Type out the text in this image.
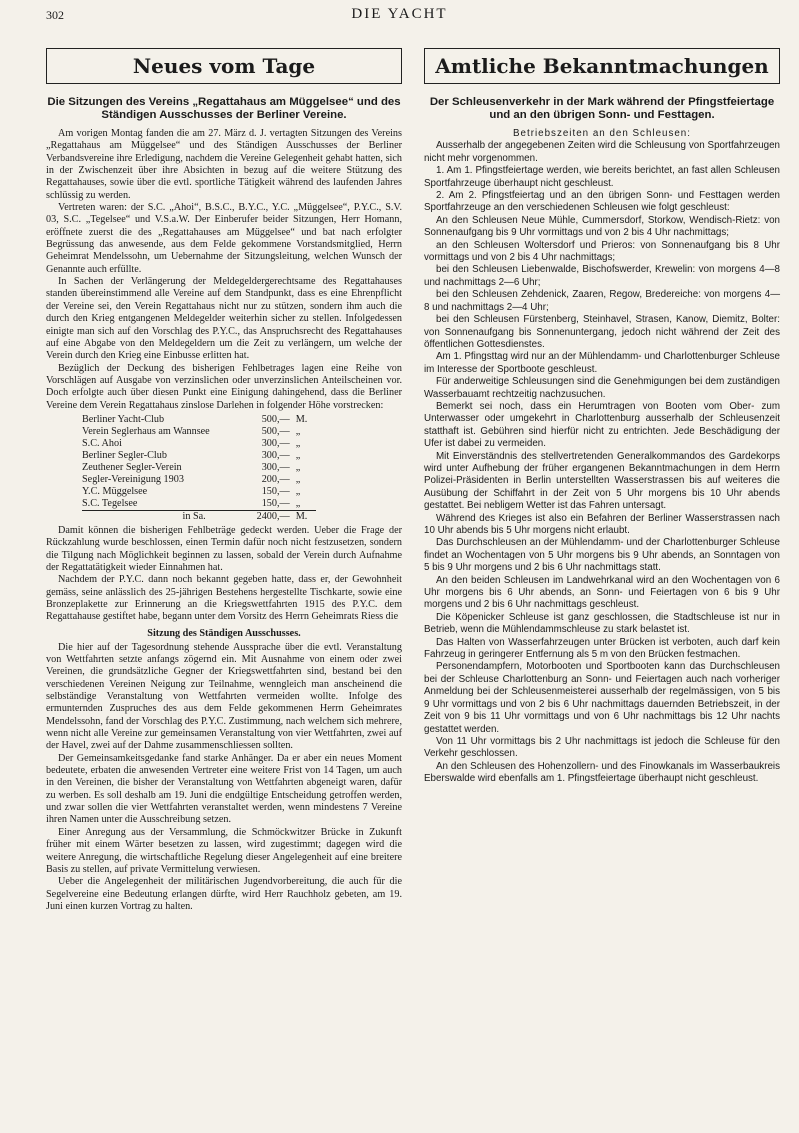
302	DIE YACHT
Neues vom Tage
Die Sitzungen des Vereins „Regattahaus am Müggelsee“ und des Ständigen Ausschusses der Berliner Vereine.

Am vorigen Montag fanden die am 27. März d. J. vertagten Sitzungen des Vereins „Regattahaus am Müggelsee“ und des Ständigen Ausschusses der Berliner Verbandsvereine ihre Erledigung, nachdem die Vereine Gelegenheit gehabt hatten, sich in der Zwischenzeit über ihre Absichten in bezug auf die weitere Stützung des Regattahauses, sowie über die evtl. sportliche Tätigkeit während des laufenden Jahres schlüssig zu werden.

Vertreten waren: der S.C. „Ahoi“, B.S.C., B.Y.C., Y.C. „Müggelsee“, P.Y.C., S.V. 03, S.C. „Tegelsee“ und V.S.a.W. Der Einberufer beider Sitzungen, Herr Homann, eröffnete zuerst die des „Regattahauses am Müggelsee“ und bat nach erfolgter Begrüssung das anwesende, aus dem Felde gekommene Vorstandsmitglied, Herrn Geheimrat Mendelssohn, um Uebernahme der Sitzungsleitung, welchen Wunsch der Genannte auch erfüllte.

In Sachen der Verlängerung der Meldegeldergerechtsame des Regattahauses standen übereinstimmend alle Vereine auf dem Standpunkt, dass es eine Ehrenpflicht der Vereine sei, den Verein Regattahaus nicht nur zu stützen, sondern ihm auch die durch den Krieg entgangenen Meldegelder weiterhin sicher zu stellen. Infolgedessen einigte man sich auf den Vorschlag des P.Y.C., das Anspruchsrecht des Regattahauses auf eine Abgabe von den Meldegeldern um die Zeit zu verlängern, um welche der Verein durch den Krieg eine Einbusse erlitten hat.

Bezüglich der Deckung des bisherigen Fehlbetrages lagen eine Reihe von Vorschlägen auf Ausgabe von verzinslichen oder unverzinslichen Anteilscheinen vor. Doch erfolgte auch über diesen Punkt eine Einigung dahingehend, dass die Berliner Vereine dem Verein Regattahaus zinslose Darlehen in folgender Höhe vorstrecken:

Berliner Yacht-Club	500,—	M.
Verein Seglerhaus am Wannsee	500,—	„
S.C. Ahoi	300,—	„
Berliner Segler-Club	300,—	„
Zeuthener Segler-Verein	300,—	„
Segler-Vereinigung 1903	200,—	„
Y.C. Müggelsee	150,—	„
S.C. Tegelsee	150,—	„
in Sa.	2400,—	M.

Damit können die bisherigen Fehlbeträge gedeckt werden. Ueber die Frage der Rückzahlung wurde beschlossen, einen Termin dafür noch nicht festzusetzen, sondern die Tilgung nach Möglichkeit beginnen zu lassen, sobald der Verein durch Aufnahme der Regattatätigkeit wieder Einnahmen hat.

Nachdem der P.Y.C. dann noch bekannt gegeben hatte, dass er, der Gewohnheit gemäss, seine anlässlich des 25-jährigen Bestehens hergestellte Tischkarte, sowie eine Bronzeplakette zur Erinnerung an die Kriegswettfahrten 1915 des P.Y.C. dem Regattahause gestiftet habe, begann unter dem Vorsitz des Herrn Geheimrats Riess die

Sitzung des Ständigen Ausschusses.

Die hier auf der Tagesordnung stehende Aussprache über die evtl. Veranstaltung von Wettfahrten setzte anfangs zögernd ein. Mit Ausnahme von einem oder zwei Vereinen, die grundsätzliche Gegner der Kriegswettfahrten sind, bestand bei den verschiedenen Vereinen Neigung zur Teilnahme, wenngleich man anscheinend die selbständige Veranstaltung von Wettfahrten vermeiden wollte. Infolge des ermunternden Zuspruches des aus dem Felde gekommenen Herrn Geheimrates Mendelssohn, fand der Vorschlag des P.Y.C. Zustimmung, nach welchem sich mehrere, wenn nicht alle Vereine zur gemeinsamen Veranstaltung von vier Wettfahrten, zwei auf der Havel, zwei auf der Dahme zusammenschliessen sollten.

Der Gemeinsamkeitsgedanke fand starke Anhänger. Da er aber ein neues Moment bedeutete, erbaten die anwesenden Vertreter eine weitere Frist von 14 Tagen, um auch in den Vereinen, die bisher der Veranstaltung von Wettfahrten abgeneigt waren, dafür zu werben. Es soll deshalb am 19. Juni die endgültige Entscheidung getroffen werden, und zwar sollen die vier Wettfahrten veranstaltet werden, wenn mindestens 7 Vereine ihren Namen unter die Ausschreibung setzen.

Einer Anregung aus der Versammlung, die Schmöckwitzer Brücke in Zukunft früher mit einem Wärter besetzen zu lassen, wird zugestimmt; dagegen wird die weitere Anregung, die wirtschaftliche Regelung dieser Angelegenheit auf eine breitere Basis zu stellen, auf private Vermittelung verwiesen.

Ueber die Angelegenheit der militärischen Jugendvorbereitung, die auch für die Segelvereine eine Bedeutung erlangen dürfte, wird Herr Rauchholz gebeten, am 19. Juni einen kurzen Vortrag zu halten.

Amtliche Bekanntmachungen
Der Schleusenverkehr in der Mark während der Pfingstfeiertage und an den übrigen Sonn- und Festtagen.

Betriebszeiten an den Schleusen:

Ausserhalb der angegebenen Zeiten wird die Schleusung von Sportfahrzeugen nicht mehr vorgenommen.

1. Am 1. Pfingstfeiertage werden, wie bereits berichtet, an fast allen Schleusen Sportfahrzeuge überhaupt nicht geschleust.

2. Am 2. Pfingstfeiertag und an den übrigen Sonn- und Festtagen werden Sportfahrzeuge an den verschiedenen Schleusen wie folgt geschleust:

An den Schleusen Neue Mühle, Cummersdorf, Storkow, Wendisch-Rietz: von Sonnenaufgang bis 9 Uhr vormittags und von 2 bis 4 Uhr nachmittags;

an den Schleusen Woltersdorf und Prieros: von Sonnenaufgang bis 8 Uhr vormittags und von 2 bis 4 Uhr nachmittags;

bei den Schleusen Liebenwalde, Bischofswerder, Krewelin: von morgens 4—8 und nachmittags 2—6 Uhr;

bei den Schleusen Zehdenick, Zaaren, Regow, Bredereiche: von morgens 4—8 und nachmittags 2—4 Uhr;

bei den Schleusen Fürstenberg, Steinhavel, Strasen, Kanow, Diemitz, Bolter: von Sonnenaufgang bis Sonnenuntergang, jedoch nicht während der Zeit des öffentlichen Gottesdienstes.

Am 1. Pfingsttag wird nur an der Mühlendamm- und Charlottenburger Schleuse im Interesse der Sportboote geschleust.

Für anderweitige Schleusungen sind die Genehmigungen bei dem zuständigen Wasserbauamt rechtzeitig nachzusuchen.

Bemerkt sei noch, dass ein Herumtragen von Booten vom Ober- zum Unterwasser oder umgekehrt in Charlottenburg ausserhalb der Schleusenzeit statthaft ist. Gebühren sind hierfür nicht zu entrichten. Jede Beschädigung der Ufer ist dabei zu vermeiden.

Mit Einverständnis des stellvertretenden Generalkommandos des Gardekorps wird unter Aufhebung der früher ergangenen Bekanntmachungen in dem Herrn Polizei-Präsidenten in Berlin unterstellten Wasserstrassen bis auf weiteres die Ausübung der Schiffahrt in der Zeit von 5 Uhr morgens bis 10 Uhr abends gestattet. Bei nebligem Wetter ist das Fahren untersagt.

Während des Krieges ist also ein Befahren der Berliner Wasserstrassen nach 10 Uhr abends bis 5 Uhr morgens nicht erlaubt.

Das Durchschleusen an der Mühlendamm- und der Charlottenburger Schleuse findet an Wochentagen von 5 Uhr morgens bis 9 Uhr abends, an Sonntagen von 5 bis 9 Uhr morgens und 2 bis 6 Uhr nachmittags statt.

An den beiden Schleusen im Landwehrkanal wird an den Wochentagen von 6 Uhr morgens bis 6 Uhr abends, an Sonn- und Feiertagen von 6 bis 9 Uhr morgens und 2 bis 6 Uhr nachmittags geschleust.

Die Köpenicker Schleuse ist ganz geschlossen, die Stadtschleuse ist nur in Betrieb, wenn die Mühlendammschleuse zu stark belastet ist.

Das Halten von Wasserfahrzeugen unter Brücken ist verboten, auch darf kein Fahrzeug in geringerer Entfernung als 5 m von den Brücken festmachen.

Personendampfern, Motorbooten und Sportbooten kann das Durchschleusen bei der Schleuse Charlottenburg an Sonn- und Feiertagen auch nach vorheriger Anmeldung bei der Schleusenmeisterei ausserhalb der regelmässigen, von 5 bis 9 Uhr vormittags und von 2 bis 6 Uhr nachmittags dauernden Betriebszeit, in der Zeit von 9 bis 11 Uhr vormittags und von 6 Uhr nachmittags bis 12 Uhr nachts gestattet werden.

Von 11 Uhr vormittags bis 2 Uhr nachmittags ist jedoch die Schleuse für den Verkehr geschlossen.

An den Schleusen des Hohenzollern- und des Finowkanals im Wasserbaukreis Eberswalde wird ebenfalls am 1. Pfingstfeiertage überhaupt nicht geschleust.
